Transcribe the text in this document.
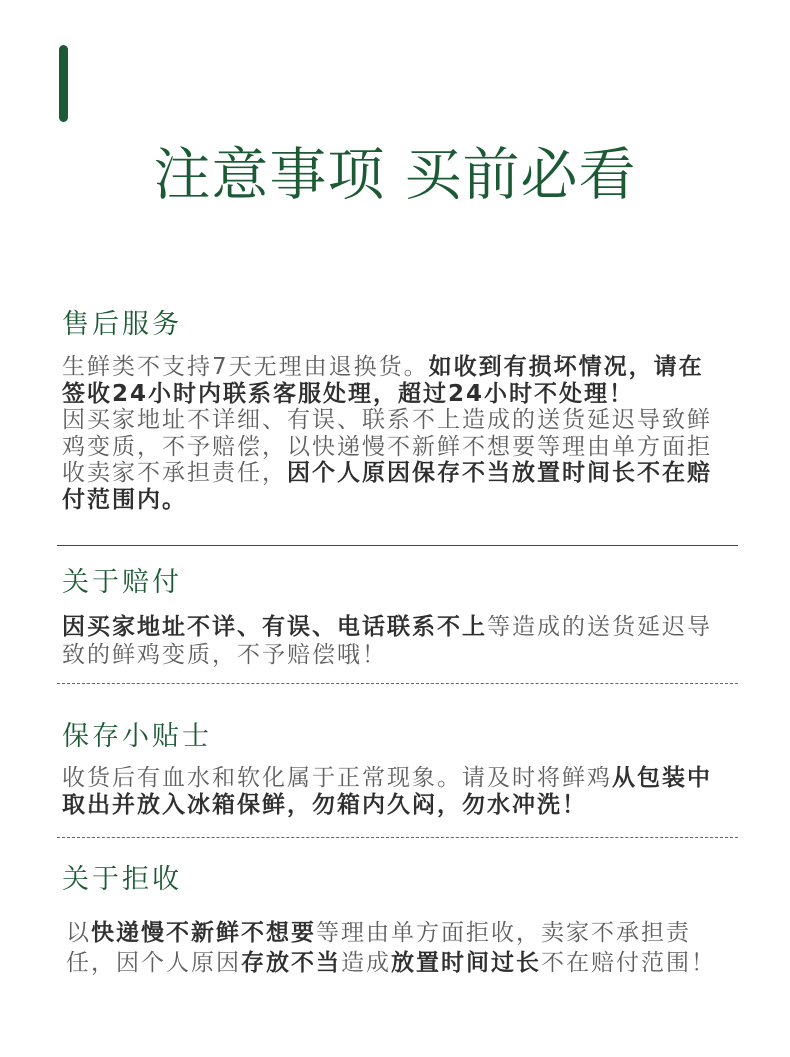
注意事项 买前必看
售后服务
生鲜类不支持7天无理由退换货。如收到有损坏情况，请在
签收24小时内联系客服处理，超过24小时不处理！
因买家地址不详细、有误、联系不上造成的送货延迟导致鲜
鸡变质，不予赔偿，以快递慢不新鲜不想要等理由单方面拒
收卖家不承担责任，因个人原因保存不当放置时间长不在赔
付范围内。
关于赔付
因买家地址不详、有误、电话联系不上等造成的送货延迟导
致的鲜鸡变质，不予赔偿哦！
保存小贴士
收货后有血水和软化属于正常现象。请及时将鲜鸡从包装中
取出并放入冰箱保鲜，勿箱内久闷，勿水冲洗！
关于拒收
以快递慢不新鲜不想要等理由单方面拒收，卖家不承担责
任，因个人原因存放不当造成放置时间过长不在赔付范围！
